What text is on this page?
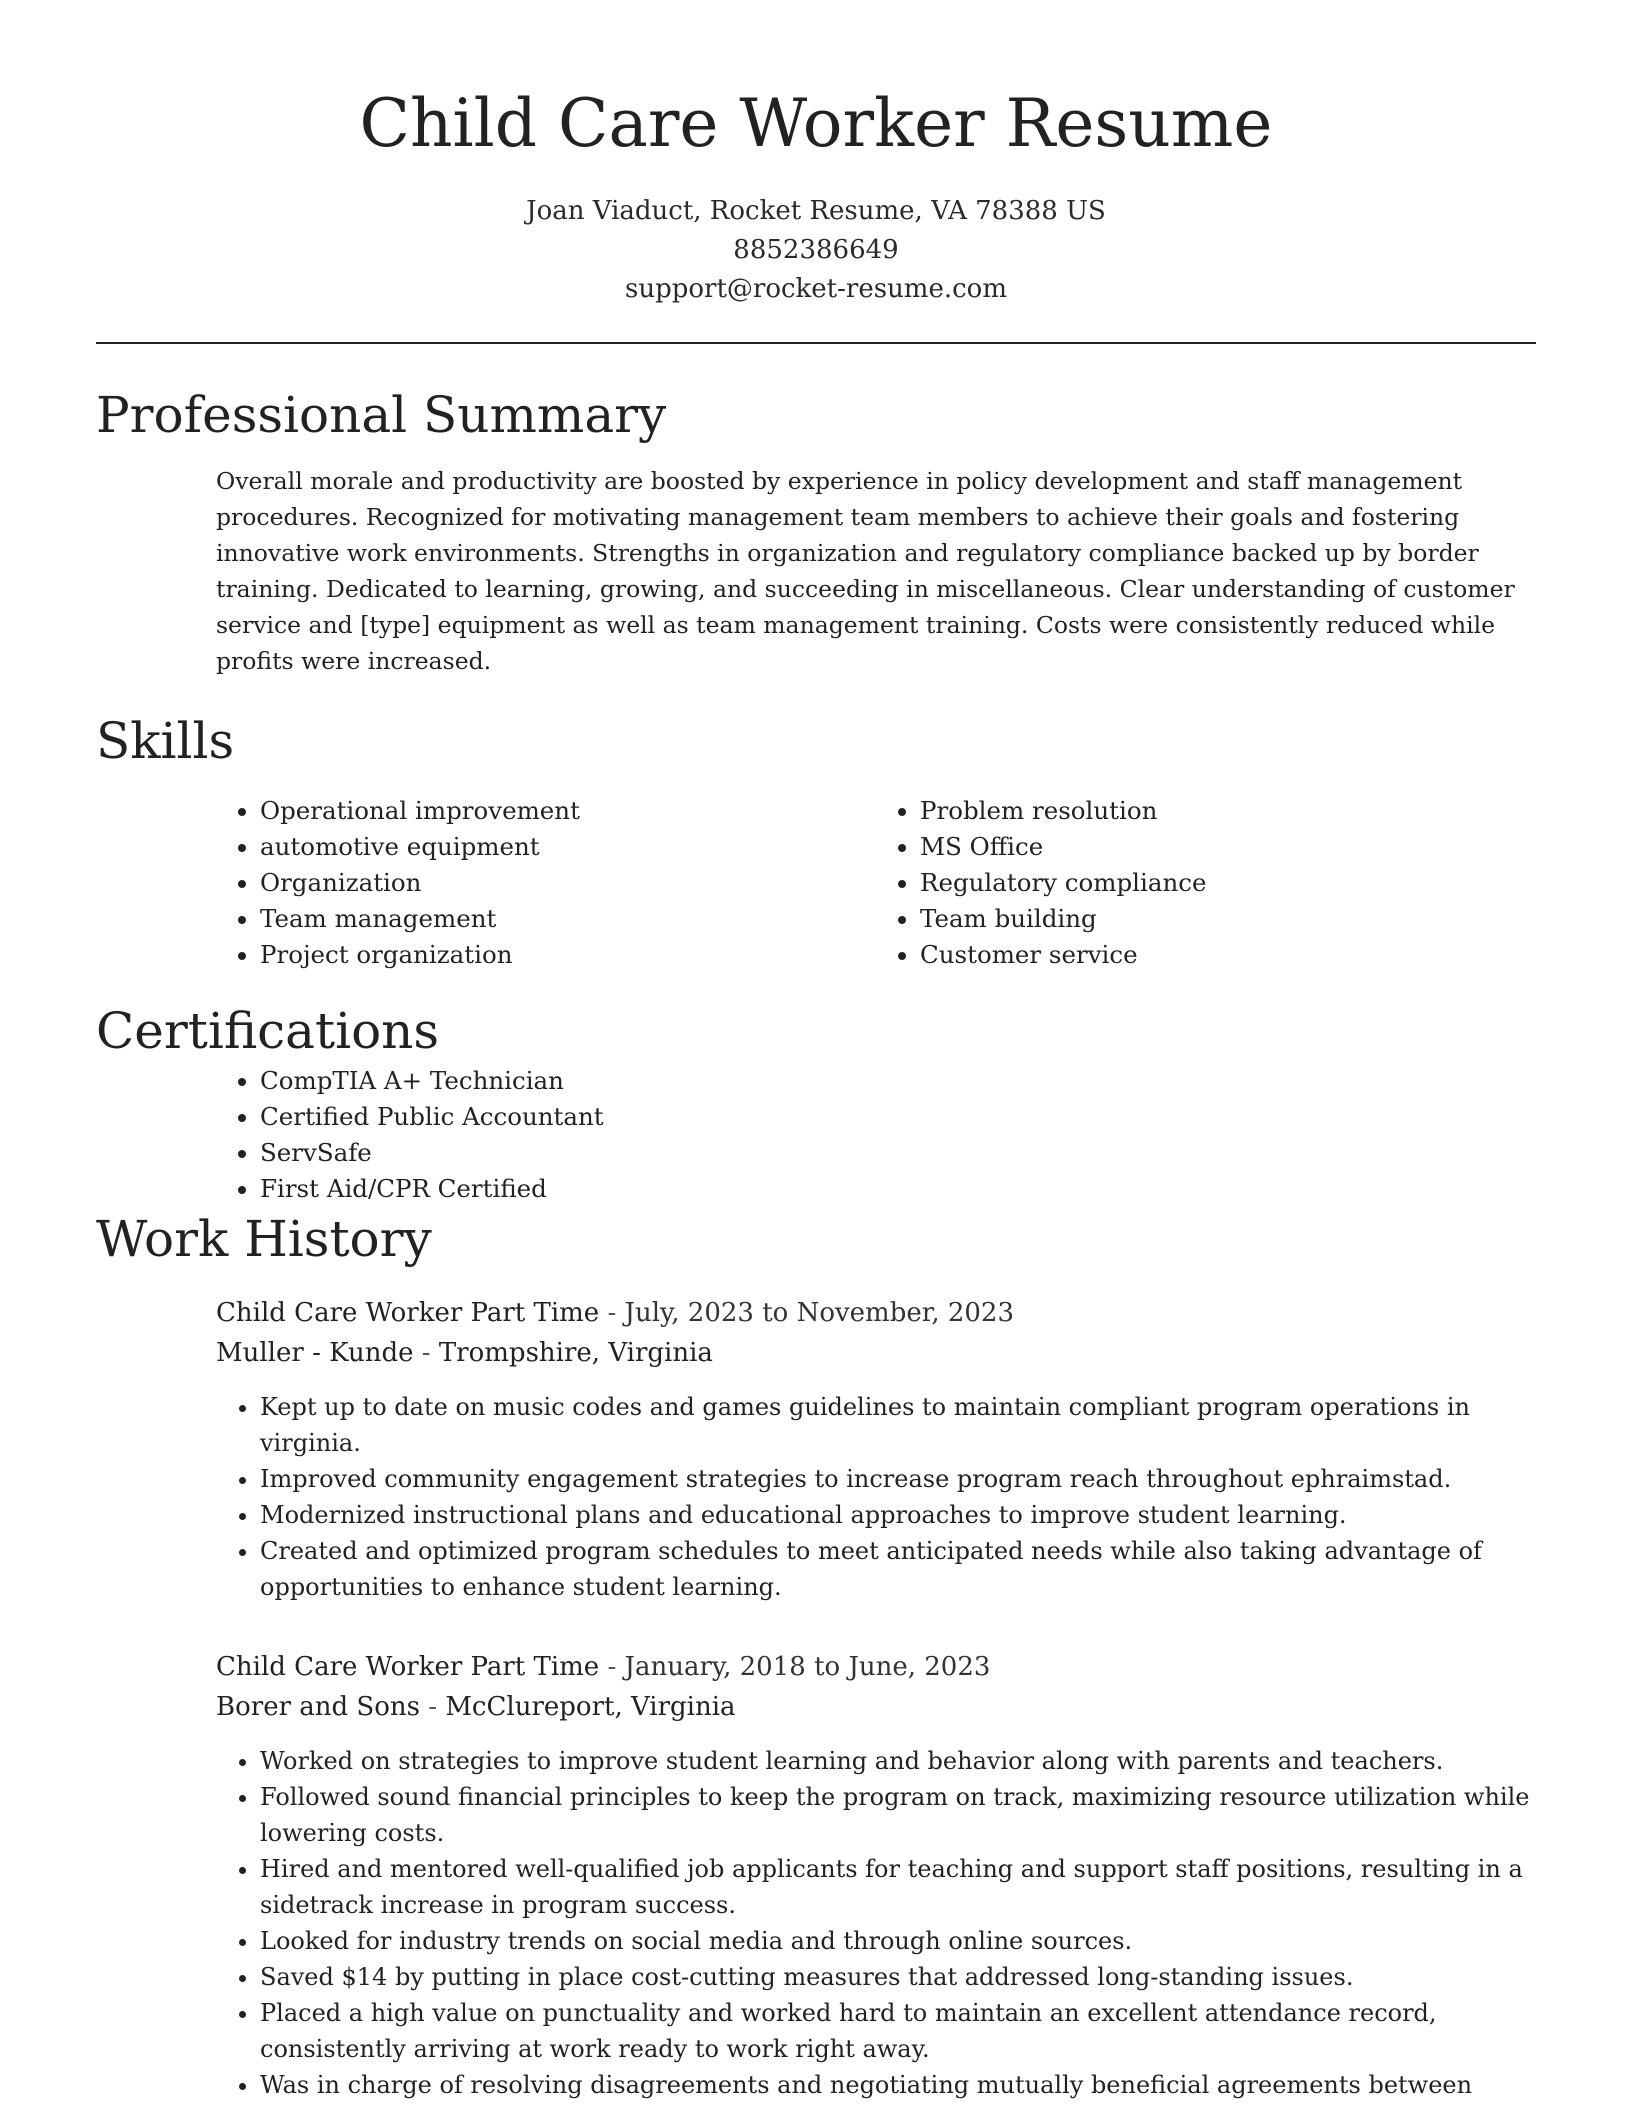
Child Care Worker Resume
Joan Viaduct, Rocket Resume, VA 78388 US
8852386649
support@rocket-resume.com
Professional Summary

Overall morale and productivity are boosted by experience in policy development and staff management procedures. Recognized for motivating management team members to achieve their goals and fostering innovative work environments. Strengths in organization and regulatory compliance backed up by border training. Dedicated to learning, growing, and succeeding in miscellaneous. Clear understanding of customer service and [type] equipment as well as team management training. Costs were consistently reduced while profits were increased.

Skills
• Operational improvement
• automotive equipment
• Organization
• Team management
• Project organization
• Problem resolution
• MS Office
• Regulatory compliance
• Team building
• Customer service
Certifications
• CompTIA A+ Technician
• Certified Public Accountant
• ServSafe
• First Aid/CPR Certified
Work History
Child Care Worker Part Time - July, 2023 to November, 2023
Muller - Kunde - Trompshire, Virginia
• Kept up to date on music codes and games guidelines to maintain compliant program operations in virginia.
• Improved community engagement strategies to increase program reach throughout ephraimstad.
• Modernized instructional plans and educational approaches to improve student learning.
• Created and optimized program schedules to meet anticipated needs while also taking advantage of opportunities to enhance student learning.
Child Care Worker Part Time - January, 2018 to June, 2023
Borer and Sons - McClureport, Virginia
• Worked on strategies to improve student learning and behavior along with parents and teachers.
• Followed sound financial principles to keep the program on track, maximizing resource utilization while lowering costs.
• Hired and mentored well-qualified job applicants for teaching and support staff positions, resulting in a sidetrack increase in program success.
• Looked for industry trends on social media and through online sources.
• Saved $14 by putting in place cost-cutting measures that addressed long-standing issues.
• Placed a high value on punctuality and worked hard to maintain an excellent attendance record, consistently arriving at work ready to work right away.
• Was in charge of resolving disagreements and negotiating mutually beneficial agreements between
